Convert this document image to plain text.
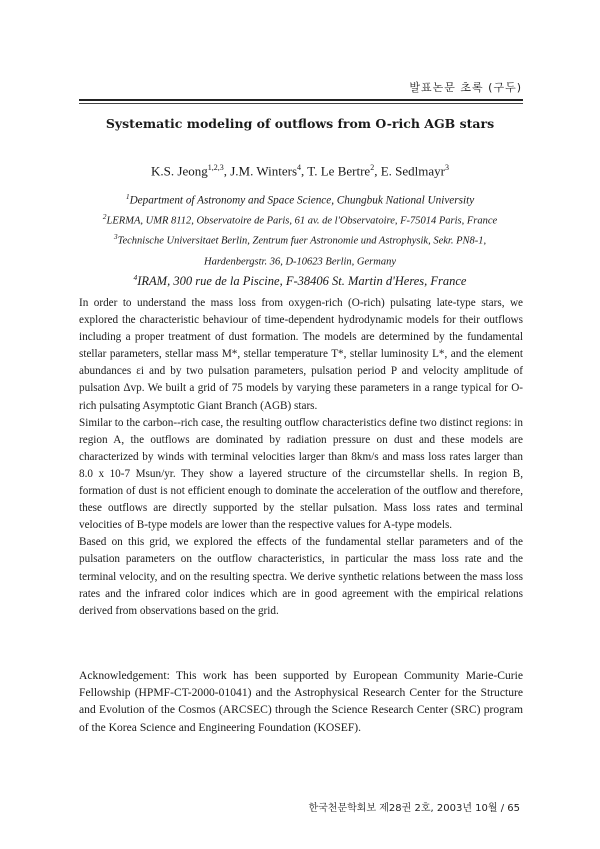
발표논문 초록 (구두)
Systematic modeling of outflows from O-rich AGB stars
K.S. Jeong$^{1,2,3}$, J.M. Winters$^4$, T. Le Bertre$^2$, E. Sedlmayr$^3$
$^1$Department of Astronomy and Space Science, Chungbuk National University
$^2$LERMA, UMR 8112, Observatoire de Paris, 61 av. de l'Observatoire, F-75014 Paris, France
$^3$Technische Universitaet Berlin, Zentrum fuer Astronomie und Astrophysik, Sekr. PN8-1,
Hardenbergstr. 36, D-10623 Berlin, Germany
$^4$IRAM, 300 rue de la Piscine, F-38406 St. Martin d'Heres, France

In order to understand the mass loss from oxygen-rich (O-rich) pulsating late-type stars, we explored the characteristic behaviour of time-dependent hydrodynamic models for their outflows including a proper treatment of dust formation. The models are determined by the fundamental stellar parameters, stellar mass M*, stellar temperature T*, stellar luminosity L*, and the element abundances εi and by two pulsation parameters, pulsation period P and velocity amplitude of pulsation Δvp. We built a grid of 75 models by varying these parameters in a range typical for O-rich pulsating Asymptotic Giant Branch (AGB) stars.

Similar to the carbon--rich case, the resulting outflow characteristics define two distinct regions: in region A, the outflows are dominated by radiation pressure on dust and these models are characterized by winds with terminal velocities larger than 8km/s and mass loss rates larger than 8.0 x 10-7 Msun/yr. They show a layered structure of the circumstellar shells. In region B, formation of dust is not efficient enough to dominate the acceleration of the outflow and therefore, these outflows are directly supported by the stellar pulsation. Mass loss rates and terminal velocities of B-type models are lower than the respective values for A-type models.

Based on this grid, we explored the effects of the fundamental stellar parameters and of the pulsation parameters on the outflow characteristics, in particular the mass loss rate and the terminal velocity, and on the resulting spectra. We derive synthetic relations between the mass loss rates and the infrared color indices which are in good agreement with the empirical relations derived from observations based on the grid.

Acknowledgement: This work has been supported by European Community Marie-Curie Fellowship (HPMF-CT-2000-01041) and the Astrophysical Research Center for the Structure and Evolution of the Cosmos (ARCSEC) through the Science Research Center (SRC) program of the Korea Science and Engineering Foundation (KOSEF).

한국천문학회보 제28권 2호, 2003년 10월 / 65
